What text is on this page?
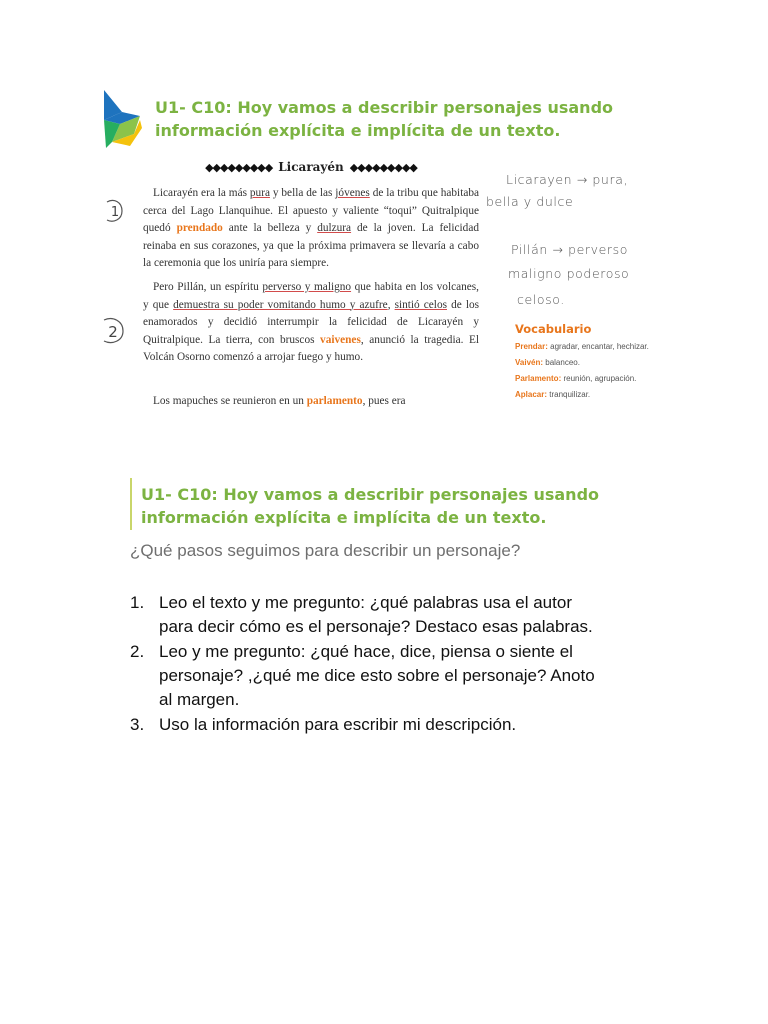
U1- C10: Hoy vamos a describir personajes usando información explícita e implícita de un texto.
◆◆◆◆◆◆◆◆◆ Licarayén ◆◆◆◆◆◆◆◆◆
1
2

Licarayén era la más pura y bella de las jóvenes de la tribu que habitaba cerca del Lago Llanquihue. El apuesto y valiente “toqui” Quitralpique quedó prendado ante la belleza y dulzura de la joven. La felicidad reinaba en sus corazones, ya que la próxima primavera se llevaría a cabo la ceremonia que los uniría para siempre.

Pero Pillán, un espíritu perverso y maligno que habita en los volcanes, y que demuestra su poder vomitando humo y azufre, sintió celos de los enamorados y decidió interrumpir la felicidad de Licarayén y Quitralpique. La tierra, con bruscos vaivenes, anunció la tragedia. El Volcán Osorno comenzó a arrojar fuego y humo.

Los mapuches se reunieron en un parlamento, pues era

Licarayen → pura,
bella y dulce
Pillán → perverso
maligno poderoso
celoso.
Vocabulario
Prendar: agradar, encantar, hechizar.
Vaivén: balanceo.
Parlamento: reunión, agrupación.
Aplacar: tranquilizar.
U1- C10: Hoy vamos a describir personajes usando información explícita e implícita de un texto.
¿Qué pasos seguimos para describir un personaje?
1. Leo el texto y me pregunto: ¿qué palabras usa el autor para decir cómo es el personaje? Destaco esas palabras.
2. Leo y me pregunto: ¿qué hace, dice, piensa o siente el personaje? ,¿qué me dice esto sobre el personaje? Anoto al margen.
3. Uso la información para escribir mi descripción.
